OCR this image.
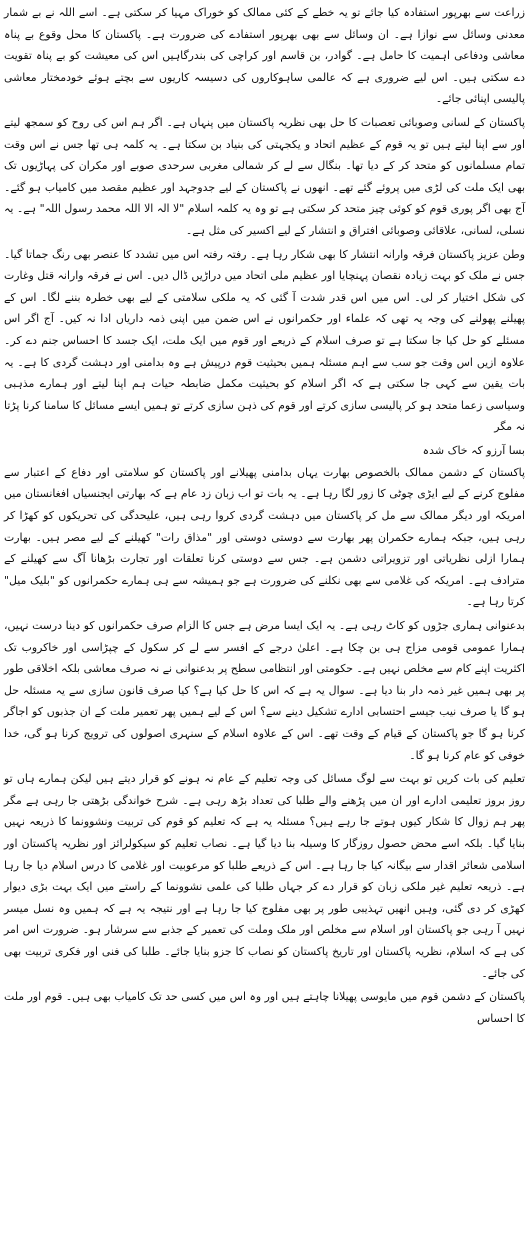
زراعت سے بھرپور استفادہ کیا جائے تو یہ خطے کے کئی ممالک کو خوراک مہیا کر سکتی ہے۔ اسے اللہ نے بے شمار معدنی وسائل سے نوازا ہے۔ ان وسائل سے بھی بھرپور استفادے کی ضرورت ہے۔ پاکستان کا محل وقوع بے پناہ معاشی ودفاعی اہمیت کا حامل ہے۔ گوادر، بن قاسم اور کراچی کی بندرگاہیں اس کی معیشت کو بے پناہ تقویت دے سکتی ہیں۔ اس لیے ضروری ہے کہ عالمی ساہوکاروں کی دسیسہ کاریوں سے بچتے ہوئے خودمختار معاشی پالیسی اپنائی جائے۔

پاکستان کے لسانی وصوبائی تعصبات کا حل بھی نظریہ پاکستان میں پنہاں ہے۔ اگر ہم اس کی روح کو سمجھ لیتے اور سے اپنا لیتے ہیں تو یہ قوم کے عظیم اتحاد و یکجہتی کی بنیاد بن سکتا ہے۔ یہ کلمہ ہی تھا جس نے اس وقت تمام مسلمانوں کو متحد کر کے دیا تھا۔ بنگال سے لے کر شمالی مغربی سرحدی صوبے اور مکران کی پہاڑیوں تک بھی ایک ملت کی لڑی میں پروئے گئے تھے۔ انھوں نے پاکستان کے لیے جدوجہد اور عظیم مقصد میں کامیاب ہو گئے۔ آج بھی اگر پوری قوم کو کوئی چیز متحد کر سکتی ہے تو وہ یہ کلمہ اسلام "لا الہ الا اللہ محمد رسول اللہ" ہے۔ یہ نسلی، لسانی، علاقائی وصوبائی افتراق و انتشار کے لیے اکسیر کی مثل ہے۔

وطن عزیز پاکستان فرقہ وارانہ انتشار کا بھی شکار رہا ہے۔ رفتہ رفتہ اس میں تشدد کا عنصر بھی رنگ جماتا گیا۔ جس نے ملک کو بہت زیادہ نقصان پہنچایا اور عظیم ملی اتحاد میں دراڑیں ڈال دیں۔ اس نے فرقہ وارانہ قتل وغارت کی شکل اختیار کر لی۔ اس میں اس قدر شدت آ گئی کہ یہ ملکی سلامتی کے لیے بھی خطرہ بننے لگا۔ اس کے پھیلنے پھولنے کی وجہ یہ تھی کہ علماء اور حکمرانوں نے اس ضمن میں اپنی ذمہ داریاں ادا نہ کیں۔ آج اگر اس مسئلے کو حل کیا جا سکتا ہے تو صرف اسلام کے ذریعے اور قوم میں ایک ملت، ایک جسد کا احساس جنم دے کر۔ علاوہ ازیں اس وقت جو سب سے اہم مسئلہ ہمیں بحیثیت قوم درپیش ہے وہ بدامنی اور دہشت گردی کا ہے۔ یہ بات یقین سے کہی جا سکتی ہے کہ اگر اسلام کو بحیثیت مکمل ضابطہ حیات ہم اپنا لیتے اور ہمارے مذہبی وسیاسی زعما متحد ہو کر پالیسی سازی کرتے اور قوم کی ذہن سازی کرتے تو ہمیں ایسے مسائل کا سامنا کرنا پڑتا نہ مگر

بسا آرزو کہ خاک شدہ

پاکستان کے دشمن ممالک بالخصوص بھارت یہاں بدامنی پھیلانے اور پاکستان کو سلامتی اور دفاع کے اعتبار سے مفلوج کرنے کے لیے ایڑی چوٹی کا زور لگا رہا ہے۔ یہ بات تو اب زبان زد عام ہے کہ بھارتی ایجنسیاں افغانستان میں امریکہ اور دیگر ممالک سے مل کر پاکستان میں دہشت گردی کروا رہی ہیں، علیحدگی کی تحریکوں کو کھڑا کر رہی ہیں، جبکہ ہمارے حکمران پھر بھارت سے دوستی دوستی اور "مذاق رات" کھیلنے کے لیے مصر ہیں۔ بھارت ہمارا ازلی نظریاتی اور تزویراتی دشمن ہے۔ جس سے دوستی کرنا تعلقات اور تجارت بڑھانا آگ سے کھیلنے کے مترادف ہے۔ امریکہ کی غلامی سے بھی نکلنے کی ضرورت ہے جو ہمیشہ سے ہی ہمارے حکمرانوں کو "بلیک میل" کرتا رہا ہے۔

بدعنوانی ہماری جڑوں کو کاٹ رہی ہے۔ یہ ایک ایسا مرض ہے جس کا الزام صرف حکمرانوں کو دینا درست نہیں، ہمارا عمومی قومی مزاج ہی بن چکا ہے۔ اعلیٰ درجے کے افسر سے لے کر سکول کے چپڑاسی اور خاکروب تک اکثریت اپنے کام سے مخلص نہیں ہے۔ حکومتی اور انتظامی سطح پر بدعنوانی نے نہ صرف معاشی بلکہ اخلاقی طور پر بھی ہمیں غیر ذمہ دار بنا دیا ہے۔ سوال یہ ہے کہ اس کا حل کیا ہے؟ کیا صرف قانون سازی سے یہ مسئلہ حل ہو گا یا صرف نیب جیسے احتسابی ادارے تشکیل دینے سے؟ اس کے لیے ہمیں پھر تعمیر ملت کے ان جذبوں کو اجاگر کرنا ہو گا جو پاکستان کے قیام کے وقت تھے۔ اس کے علاوہ اسلام کے سنہری اصولوں کی ترویج کرنا ہو گی، خدا خوفی کو عام کرنا ہو گا۔

تعلیم کی بات کریں تو بہت سے لوگ مسائل کی وجہ تعلیم کے عام نہ ہونے کو قرار دیتے ہیں لیکن ہمارے ہاں تو روز بروز تعلیمی ادارے اور ان میں پڑھنے والے طلبا کی تعداد بڑھ رہی ہے۔ شرح خواندگی بڑھتی جا رہی ہے مگر پھر ہم زوال کا شکار کیوں ہوتے جا رہے ہیں؟ مسئلہ یہ ہے کہ تعلیم کو قوم کی تربیت ونشوونما کا ذریعہ نہیں بنایا گیا۔ بلکہ اسے محض حصول روزگار کا وسیلہ بنا دیا گیا ہے۔ نصاب تعلیم کو سیکولرائز اور نظریہ پاکستان اور اسلامی شعائر اقدار سے بیگانہ کیا جا رہا ہے۔ اس کے ذریعے طلبا کو مرعوبیت اور غلامی کا درس اسلام دیا جا رہا ہے۔ ذریعہ تعلیم غیر ملکی زبان کو قرار دے کر جہاں طلبا کی علمی نشوونما کے راستے میں ایک بہت بڑی دیوار کھڑی کر دی گئی، وہیں انھیں تہذیبی طور پر بھی مفلوج کیا جا رہا ہے اور نتیجہ یہ ہے کہ ہمیں وہ نسل میسر نہیں آ رہی جو پاکستان اور اسلام سے مخلص اور ملک وملت کی تعمیر کے جذبے سے سرشار ہو۔ ضرورت اس امر کی ہے کہ اسلام، نظریہ پاکستان اور تاریخ پاکستان کو نصاب کا جزو بنایا جائے۔ طلبا کی فنی اور فکری تربیت بھی کی جائے۔

پاکستان کے دشمن قوم میں مایوسی پھیلانا چاہتے ہیں اور وہ اس میں کسی حد تک کامیاب بھی ہیں۔ قوم اور ملت کا احساس
